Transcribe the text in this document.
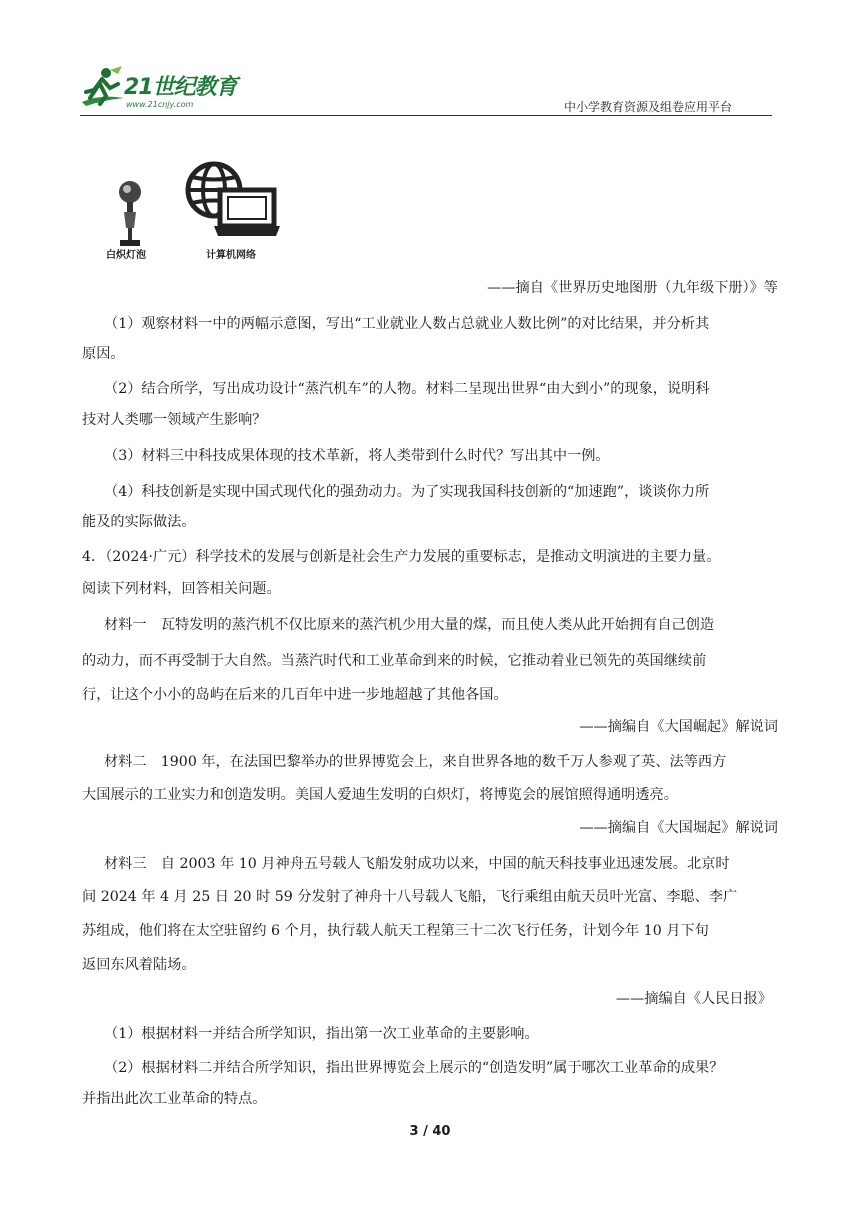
21世纪教育
www.21cnjy.com	中小学教育资源及组卷应用平台
白炽灯泡	计算机网络
——摘自《世界历史地图册（九年级下册）》等
（1）观察材料一中的两幅示意图，写出“工业就业人数占总就业人数比例”的对比结果，并分析其
原因。
（2）结合所学，写出成功设计“蒸汽机车”的人物。材料二呈现出世界“由大到小”的现象，说明科
技对人类哪一领域产生影响？
（3）材料三中科技成果体现的技术革新，将人类带到什么时代？写出其中一例。
（4）科技创新是实现中国式现代化的强劲动力。为了实现我国科技创新的“加速跑”，谈谈你力所
能及的实际做法。
4．（2024·广元）科学技术的发展与创新是社会生产力发展的重要标志，是推动文明演进的主要力量。
阅读下列材料，回答相关问题。
材料一　瓦特发明的蒸汽机不仅比原来的蒸汽机少用大量的煤，而且使人类从此开始拥有自己创造
的动力，而不再受制于大自然。当蒸汽时代和工业革命到来的时候，它推动着业已领先的英国继续前
行，让这个小小的岛屿在后来的几百年中进一步地超越了其他各国。
——摘编自《大国崛起》解说词
材料二　1900 年，在法国巴黎举办的世界博览会上，来自世界各地的数千万人参观了英、法等西方
大国展示的工业实力和创造发明。美国人爱迪生发明的白炽灯，将博览会的展馆照得通明透亮。
——摘编自《大国堀起》解说词
材料三　自 2003 年 10 月神舟五号载人飞船发射成功以来，中国的航天科技事业迅速发展。北京时
间 2024 年 4 月 25 日 20 时 59 分发射了神舟十八号载人飞船，飞行乘组由航天员叶光富、李聪、李广
苏组成，他们将在太空驻留约 6 个月，执行载人航天工程第三十二次飞行任务，计划今年 10 月下旬
返回东风着陆场。
——摘编自《人民日报》
（1）根据材料一并结合所学知识，指出第一次工业革命的主要影响。
（2）根据材料二并结合所学知识，指出世界博览会上展示的“创造发明”属于哪次工业革命的成果？
并指出此次工业革命的特点。
3 / 40
